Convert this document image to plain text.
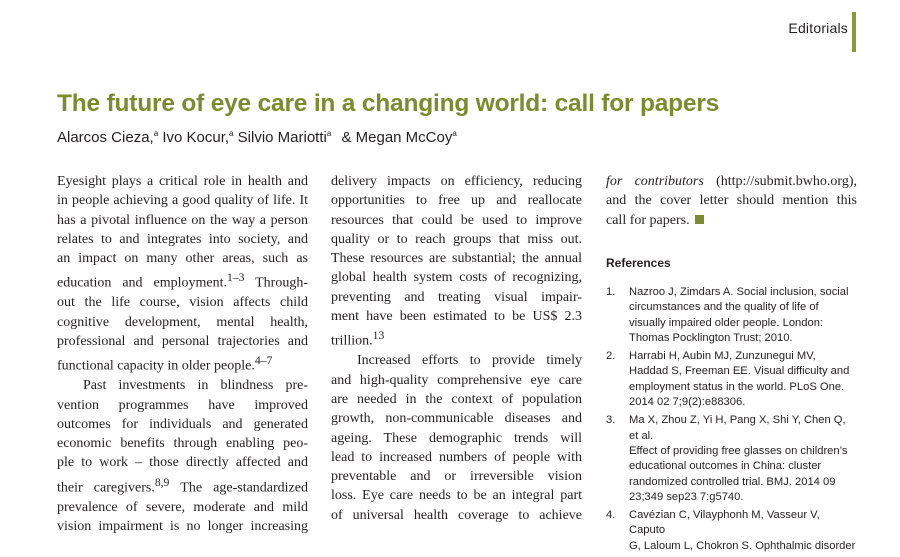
Editorials
The future of eye care in a changing world: call for papers
Alarcos Cieza,$^a$ Ivo Kocur,$^a$ Silvio Mariotti$^a$ & Megan McCoy$^a$

Eyesight plays a critical role in health and
in people achieving a good quality of life. It
has a pivotal influence on the way a person
relates to and integrates into society, and
an impact on many other areas, such as
education and employment.$^{1-3}$ Through-
out the life course, vision affects child
cognitive development, mental health,
professional and personal trajectories and
functional capacity in older people.$^{4-7}$

Past investments in blindness pre-
vention programmes have improved
outcomes for individuals and generated
economic benefits through enabling peo-
ple to work – those directly affected and
their caregivers.$^{8,9}$ The age-standardized
prevalence of severe, moderate and mild
vision impairment is no longer increasing

delivery impacts on efficiency, reducing
opportunities to free up and reallocate
resources that could be used to improve
quality or to reach groups that miss out.
These resources are substantial; the annual
global health system costs of recognizing,
preventing and treating visual impair-
ment have been estimated to be US$ 2.3
trillion.$^{13}$

Increased efforts to provide timely
and high-quality comprehensive eye care
are needed in the context of population
growth, non-communicable diseases and
ageing. These demographic trends will
lead to increased numbers of people with
preventable and or irreversible vision
loss. Eye care needs to be an integral part
of universal health coverage to achieve

for contributors (http://submit.bwho.org),
and the cover letter should mention this
call for papers.

References
1.	Nazroo J, Zimdars A. Social inclusion, social
circumstances and the quality of life of
visually impaired older people. London:
Thomas Pocklington Trust; 2010.
2.	Harrabi H, Aubin MJ, Zunzunegui MV,
Haddad S, Freeman EE. Visual difficulty and
employment status in the world. PLoS One.
2014 02 7;9(2):e88306.
3.	Ma X, Zhou Z, Yi H, Pang X, Shi Y, Chen Q, et al.
Effect of providing free glasses on children’s
educational outcomes in China: cluster
randomized controlled trial. BMJ. 2014 09
23;349 sep23 7:g5740.
4.	Cavézian C, Vilayphonh M, Vasseur V, Caputo
G, Laloum L, Chokron S. Ophthalmic disorder
